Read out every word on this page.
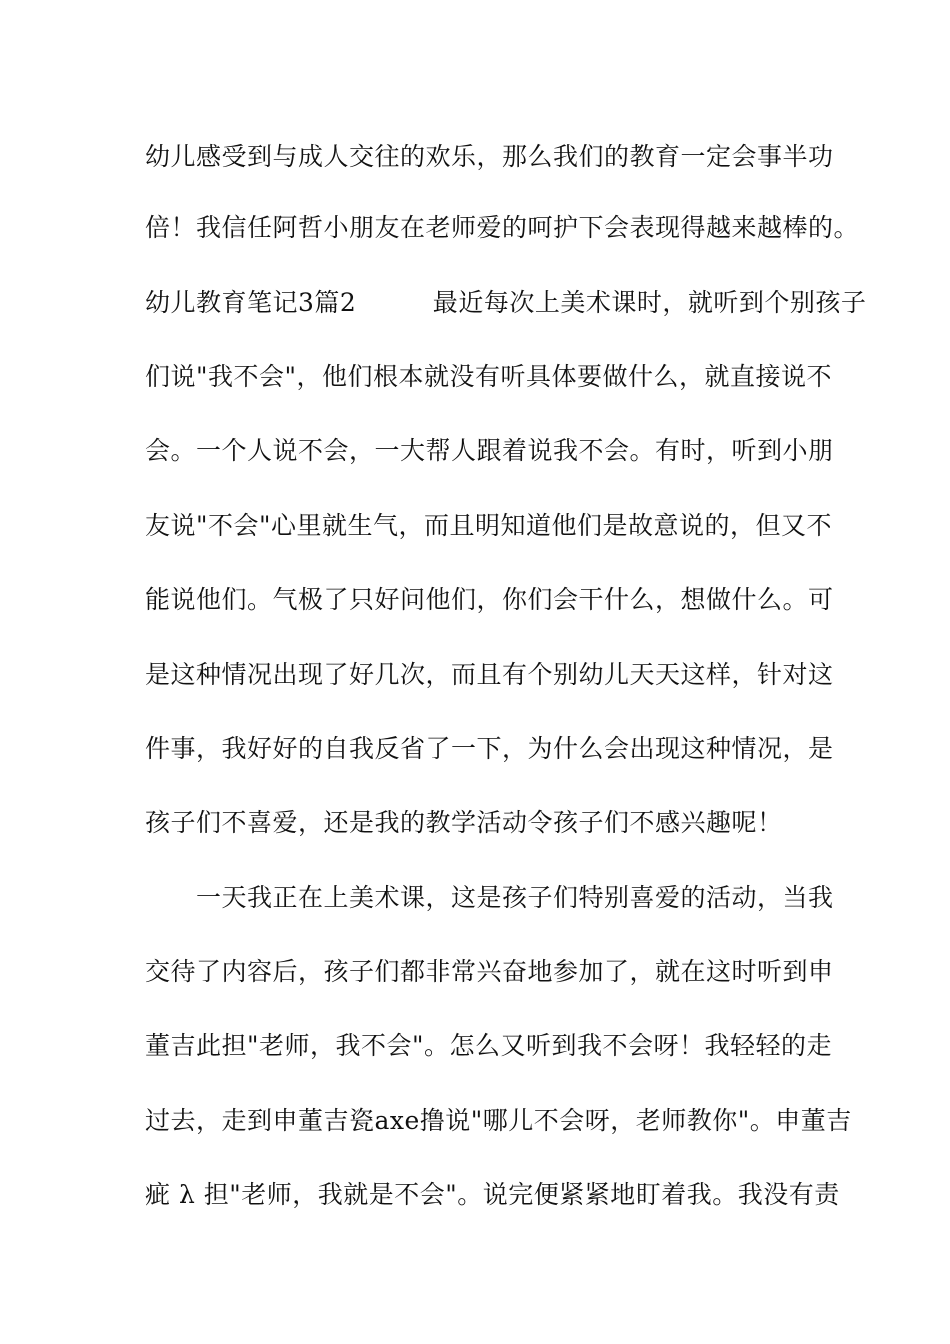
幼儿感受到与成人交往的欢乐，那么我们的教育一定会事半功
倍！我信任阿哲小朋友在老师爱的呵护下会表现得越来越棒的。
幼儿教育笔记3篇2　　　最近每次上美术课时，就听到个别孩子
们说"我不会"，他们根本就没有听具体要做什么，就直接说不
会。一个人说不会，一大帮人跟着说我不会。有时，听到小朋
友说"不会"心里就生气，而且明知道他们是故意说的，但又不
能说他们。气极了只好问他们，你们会干什么，想做什么。可
是这种情况出现了好几次，而且有个别幼儿天天这样，针对这
件事，我好好的自我反省了一下，为什么会出现这种情况，是
孩子们不喜爱，还是我的教学活动令孩子们不感兴趣呢！
　　一天我正在上美术课，这是孩子们特别喜爱的活动，当我
交待了内容后，孩子们都非常兴奋地参加了，就在这时听到申
董吉此担"老师，我不会"。怎么又听到我不会呀！我轻轻的走
过去，走到申董吉瓷axe撸说"哪儿不会呀，老师教你"。申董吉
疵 λ 担"老师，我就是不会"。说完便紧紧地盯着我。我没有责
